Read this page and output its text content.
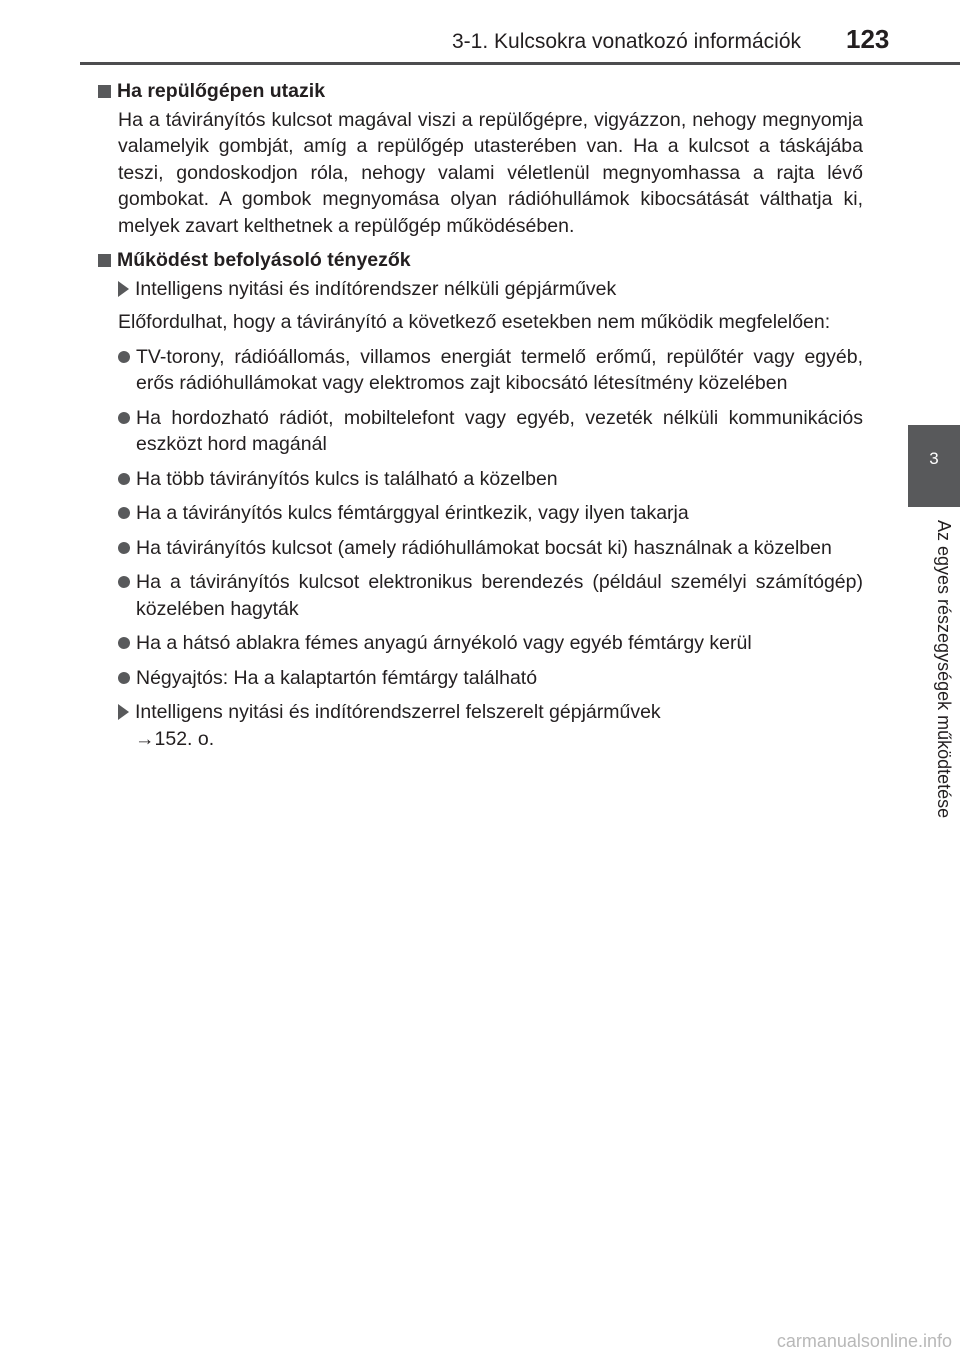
3-1. Kulcsokra vonatkozó információk 123
3
Az egyes részegységek működtetése
Ha repülőgépen utazik
Ha a távirányítós kulcsot magával viszi a repülőgépre, vigyázzon, nehogy megnyomja valamelyik gombját, amíg a repülőgép utasterében van. Ha a kulcsot a táskájába teszi, gondoskodjon róla, nehogy valami véletlenül megnyomhassa a rajta lévő gombokat. A gombok megnyomása olyan rádióhullámok kibocsátását válthatja ki, melyek zavart kelthetnek a repülőgép működésében.
Működést befolyásoló tényezők
Intelligens nyitási és indítórendszer nélküli gépjárművek
Előfordulhat, hogy a távirányító a következő esetekben nem működik megfelelően:
TV-torony, rádióállomás, villamos energiát termelő erőmű, repülőtér vagy egyéb, erős rádióhullámokat vagy elektromos zajt kibocsátó létesítmény közelében
Ha hordozható rádiót, mobiltelefont vagy egyéb, vezeték nélküli kommunikációs eszközt hord magánál
Ha több távirányítós kulcs is található a közelben
Ha a távirányítós kulcs fémtárggyal érintkezik, vagy ilyen takarja
Ha távirányítós kulcsot (amely rádióhullámokat bocsát ki) használnak a közelben
Ha a távirányítós kulcsot elektronikus berendezés (például személyi számítógép) közelében hagyták
Ha a hátsó ablakra fémes anyagú árnyékoló vagy egyéb fémtárgy kerül
Négyajtós: Ha a kalaptartón fémtárgy található
Intelligens nyitási és indítórendszerrel felszerelt gépjárművek
→152. o.
carmanualsonline.info
